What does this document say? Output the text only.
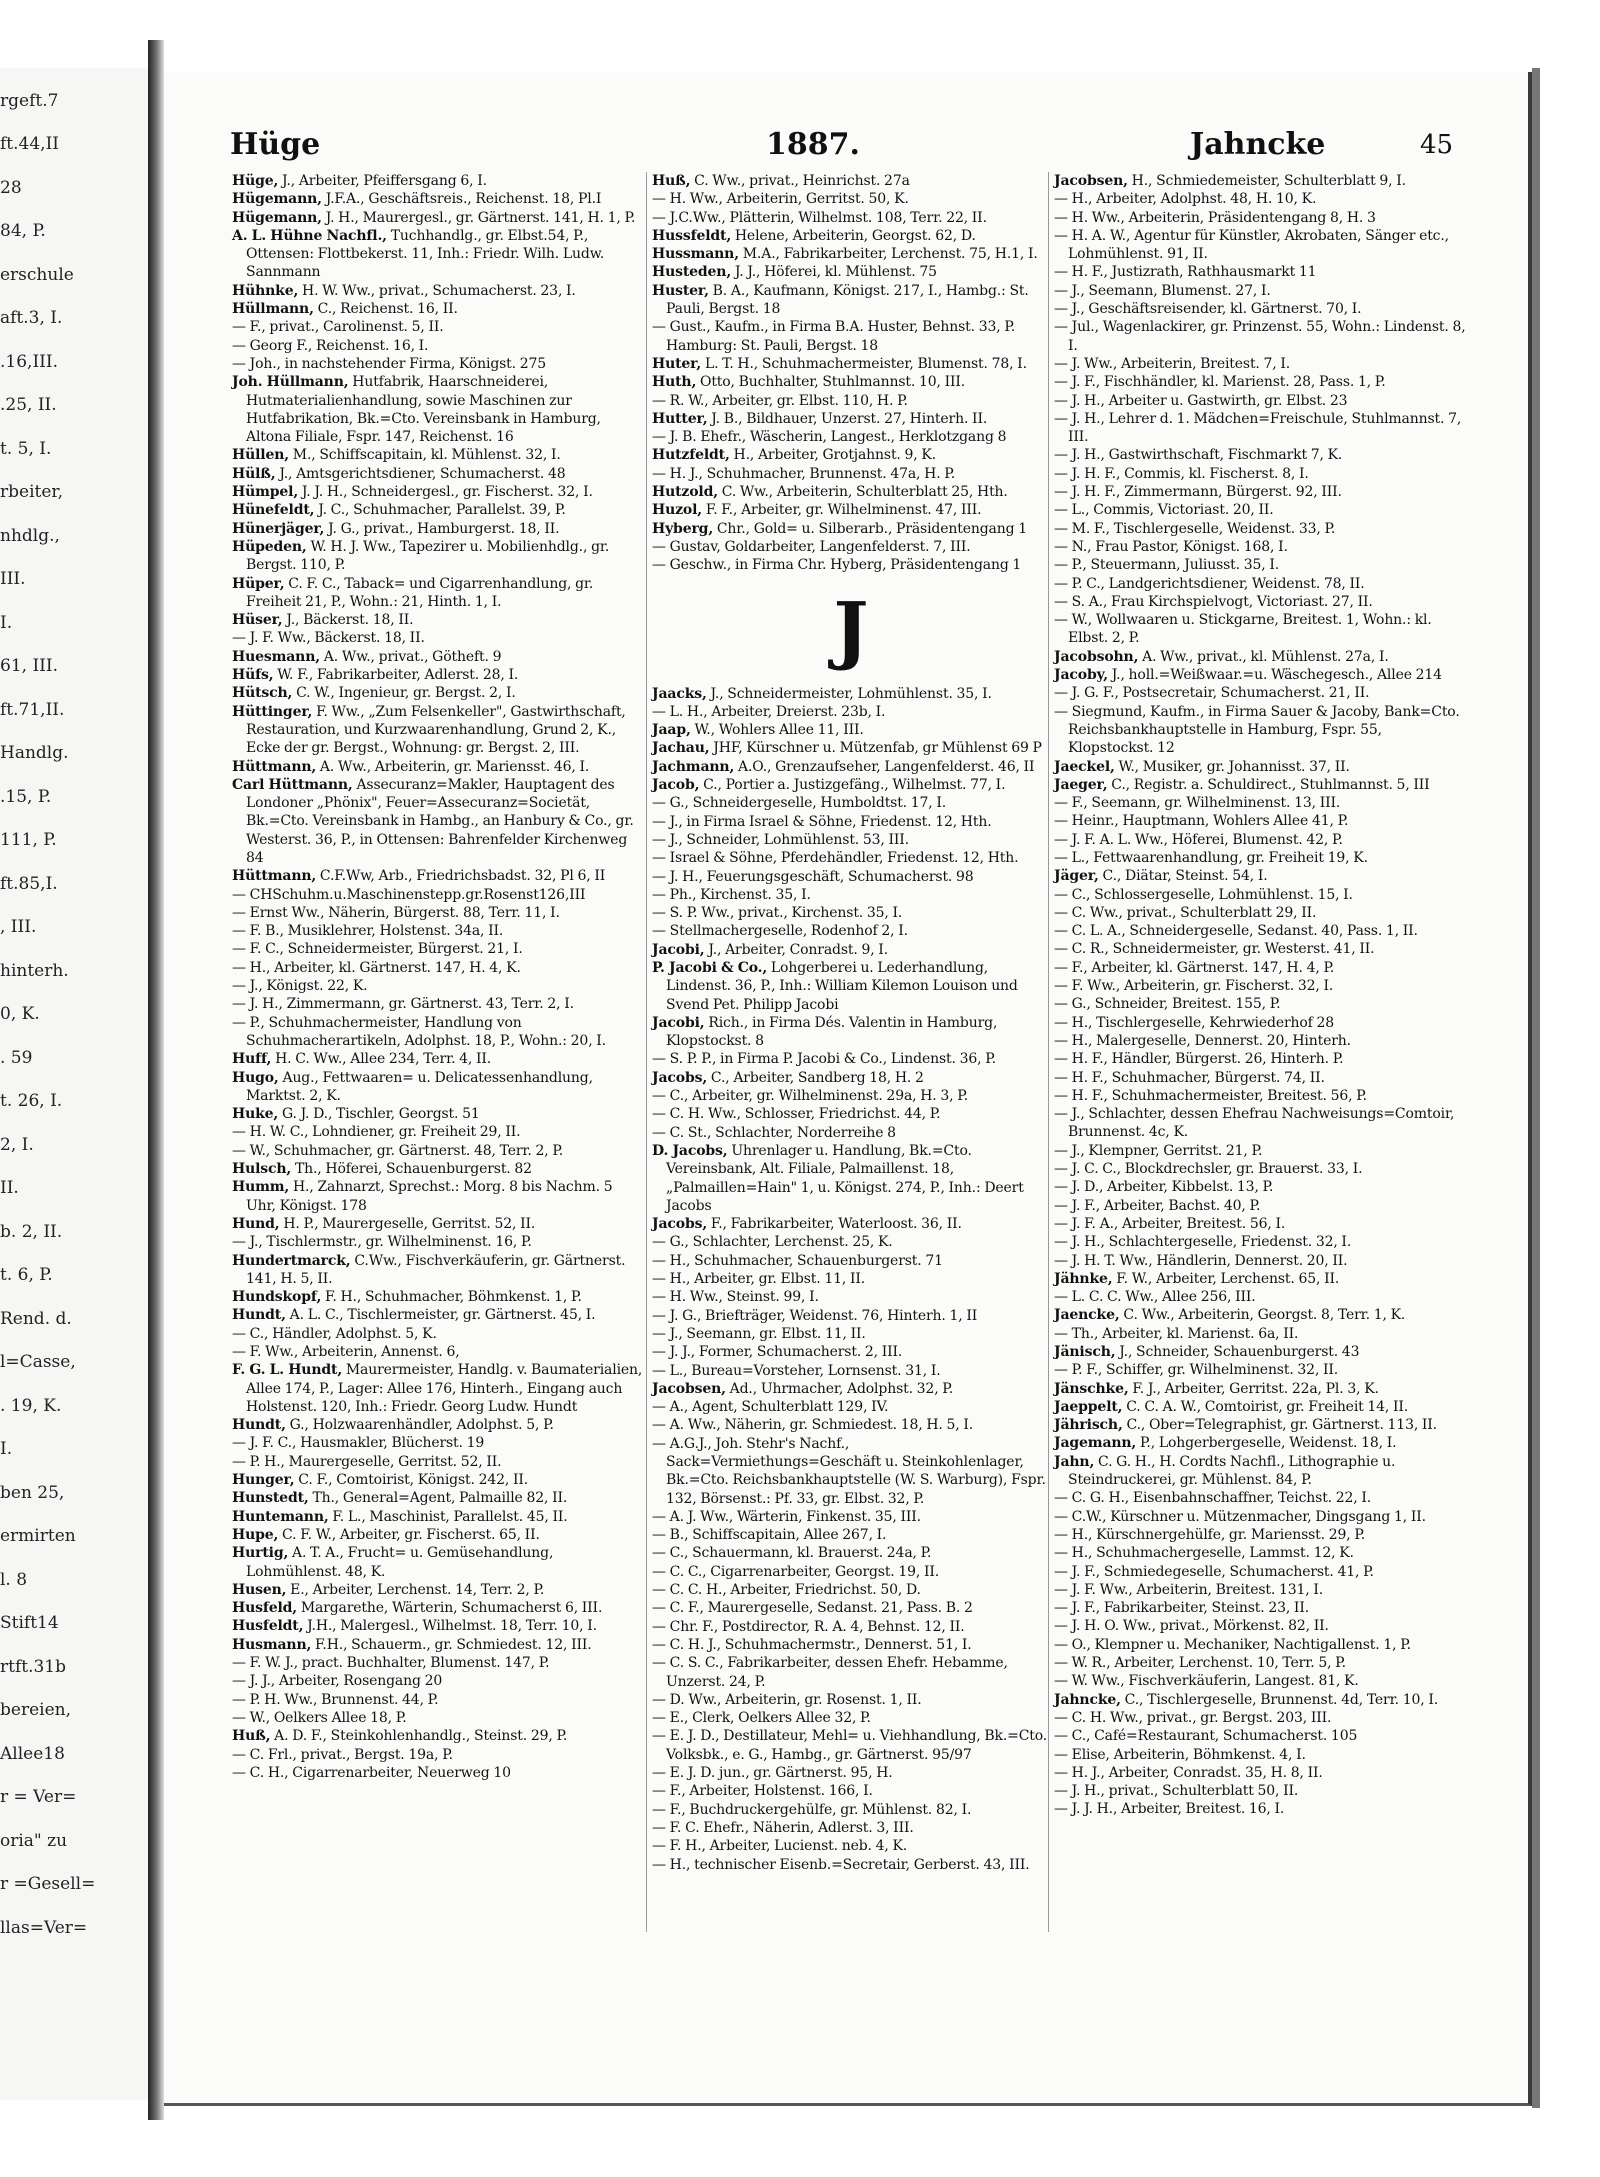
rgeft.7
ft.44,II
28
84, P.
erschule
aft.3, I.
.16,III.
.25, II.
t. 5, I.
rbeiter,
nhdlg.,
III.
I.
61, III.
ft.71,II.
Handlg.
.15, P.
111, P.
ft.85,I.
, III.
hinterh.
0, K.
. 59
t. 26, I.
2, I.
II.
b. 2, II.
t. 6, P.
Rend. d.
l=Casse,
. 19, K.
I.
ben 25,
ermirten
l. 8
Stift14
rtft.31b
bereien,
Allee18
r = Ver=
oria" zu
r =Gesell=
llas=Ver=
Hüge	1887.	Jahncke	45
Hüge, J., Arbeiter, Pfeiffersgang 6, I.
Hügemann, J.F.A., Geschäftsreis., Reichenst. 18, Pl.I
Hügemann, J. H., Maurergesl., gr. Gärtnerst. 141, H. 1, P.
A. L. Hühne Nachfl., Tuchhandlg., gr. Elbst.54, P., Ottensen: Flottbekerst. 11, Inh.: Friedr. Wilh. Ludw. Sannmann
Hühnke, H. W. Ww., privat., Schumacherst. 23, I.
Hüllmann, C., Reichenst. 16, II.
— F., privat., Carolinenst. 5, II.
— Georg F., Reichenst. 16, I.
— Joh., in nachstehender Firma, Königst. 275
Joh. Hüllmann, Hutfabrik, Haarschneiderei, Hutmaterialienhandlung, sowie Maschinen zur Hutfabrikation, Bk.=Cto. Vereinsbank in Hamburg, Altona Filiale, Fspr. 147, Reichenst. 16
Hüllen, M., Schiffscapitain, kl. Mühlenst. 32, I.
Hülß, J., Amtsgerichtsdiener, Schumacherst. 48
Hümpel, J. J. H., Schneidergesl., gr. Fischerst. 32, I.
Hünefeldt, J. C., Schuhmacher, Parallelst. 39, P.
Hünerjäger, J. G., privat., Hamburgerst. 18, II.
Hüpeden, W. H. J. Ww., Tapezirer u. Mobilienhdlg., gr. Bergst. 110, P.
Hüper, C. F. C., Taback= und Cigarrenhandlung, gr. Freiheit 21, P., Wohn.: 21, Hinth. 1, I.
Hüser, J., Bäckerst. 18, II.
— J. F. Ww., Bäckerst. 18, II.
Huesmann, A. Ww., privat., Götheft. 9
Hüfs, W. F., Fabrikarbeiter, Adlerst. 28, I.
Hütsch, C. W., Ingenieur, gr. Bergst. 2, I.
Hüttinger, F. Ww., „Zum Felsenkeller", Gastwirthschaft, Restauration, und Kurzwaarenhandlung, Grund 2, K., Ecke der gr. Bergst., Wohnung: gr. Bergst. 2, III.
Hüttmann, A. Ww., Arbeiterin, gr. Mariensst. 46, I.
Carl Hüttmann, Assecuranz=Makler, Hauptagent des Londoner „Phönix", Feuer=Assecuranz=Societät, Bk.=Cto. Vereinsbank in Hambg., an Hanbury & Co., gr. Westerst. 36, P., in Ottensen: Bahrenfelder Kirchenweg 84
Hüttmann, C.F.Ww, Arb., Friedrichsbadst. 32, Pl 6, II
— CHSchuhm.u.Maschinenstepp.gr.Rosenst126,III
— Ernst Ww., Näherin, Bürgerst. 88, Terr. 11, I.
— F. B., Musiklehrer, Holstenst. 34a, II.
— F. C., Schneidermeister, Bürgerst. 21, I.
— H., Arbeiter, kl. Gärtnerst. 147, H. 4, K.
— J., Königst. 22, K.
— J. H., Zimmermann, gr. Gärtnerst. 43, Terr. 2, I.
— P., Schuhmachermeister, Handlung von Schuhmacherartikeln, Adolphst. 18, P., Wohn.: 20, I.
Huff, H. C. Ww., Allee 234, Terr. 4, II.
Hugo, Aug., Fettwaaren= u. Delicatessenhandlung, Marktst. 2, K.
Huke, G. J. D., Tischler, Georgst. 51
— H. W. C., Lohndiener, gr. Freiheit 29, II.
— W., Schuhmacher, gr. Gärtnerst. 48, Terr. 2, P.
Hulsch, Th., Höferei, Schauenburgerst. 82
Humm, H., Zahnarzt, Sprechst.: Morg. 8 bis Nachm. 5 Uhr, Königst. 178
Hund, H. P., Maurergeselle, Gerritst. 52, II.
— J., Tischlermstr., gr. Wilhelminenst. 16, P.
Hundertmarck, C.Ww., Fischverkäuferin, gr. Gärtnerst. 141, H. 5, II.
Hundskopf, F. H., Schuhmacher, Böhmkenst. 1, P.
Hundt, A. L. C., Tischlermeister, gr. Gärtnerst. 45, I.
— C., Händler, Adolphst. 5, K.
— F. Ww., Arbeiterin, Annenst. 6,
F. G. L. Hundt, Maurermeister, Handlg. v. Baumaterialien, Allee 174, P., Lager: Allee 176, Hinterh., Eingang auch Holstenst. 120, Inh.: Friedr. Georg Ludw. Hundt
Hundt, G., Holzwaarenhändler, Adolphst. 5, P.
— J. F. C., Hausmakler, Blücherst. 19
— P. H., Maurergeselle, Gerritst. 52, II.
Hunger, C. F., Comtoirist, Königst. 242, II.
Hunstedt, Th., General=Agent, Palmaille 82, II.
Huntemann, F. L., Maschinist, Parallelst. 45, II.
Hupe, C. F. W., Arbeiter, gr. Fischerst. 65, II.
Hurtig, A. T. A., Frucht= u. Gemüsehandlung, Lohmühlenst. 48, K.
Husen, E., Arbeiter, Lerchenst. 14, Terr. 2, P.
Husfeld, Margarethe, Wärterin, Schumacherst 6, III.
Husfeldt, J.H., Malergesl., Wilhelmst. 18, Terr. 10, I.
Husmann, F.H., Schauerm., gr. Schmiedest. 12, III.
— F. W. J., pract. Buchhalter, Blumenst. 147, P.
— J. J., Arbeiter, Rosengang 20
— P. H. Ww., Brunnenst. 44, P.
— W., Oelkers Allee 18, P.
Huß, A. D. F., Steinkohlenhandlg., Steinst. 29, P.
— C. Frl., privat., Bergst. 19a, P.
— C. H., Cigarrenarbeiter, Neuerweg 10
Huß, C. Ww., privat., Heinrichst. 27a
— H. Ww., Arbeiterin, Gerritst. 50, K.
— J.C.Ww., Plätterin, Wilhelmst. 108, Terr. 22, II.
Hussfeldt, Helene, Arbeiterin, Georgst. 62, D.
Hussmann, M.A., Fabrikarbeiter, Lerchenst. 75, H.1, I.
Husteden, J. J., Höferei, kl. Mühlenst. 75
Huster, B. A., Kaufmann, Königst. 217, I., Hambg.: St. Pauli, Bergst. 18
— Gust., Kaufm., in Firma B.A. Huster, Behnst. 33, P. Hamburg: St. Pauli, Bergst. 18
Huter, L. T. H., Schuhmachermeister, Blumenst. 78, I.
Huth, Otto, Buchhalter, Stuhlmannst. 10, III.
— R. W., Arbeiter, gr. Elbst. 110, H. P.
Hutter, J. B., Bildhauer, Unzerst. 27, Hinterh. II.
— J. B. Ehefr., Wäscherin, Langest., Herklotzgang 8
Hutzfeldt, H., Arbeiter, Grotjahnst. 9, K.
— H. J., Schuhmacher, Brunnenst. 47a, H. P.
Hutzold, C. Ww., Arbeiterin, Schulterblatt 25, Hth.
Huzol, F. F., Arbeiter, gr. Wilhelminenst. 47, III.
Hyberg, Chr., Gold= u. Silberarb., Präsidentengang 1
— Gustav, Goldarbeiter, Langenfelderst. 7, III.
— Geschw., in Firma Chr. Hyberg, Präsidentengang 1
J
Jaacks, J., Schneidermeister, Lohmühlenst. 35, I.
— L. H., Arbeiter, Dreierst. 23b, I.
Jaap, W., Wohlers Allee 11, III.
Jachau, JHF, Kürschner u. Mützenfab, gr Mühlenst 69 P
Jachmann, A.O., Grenzaufseher, Langenfelderst. 46, II
Jacob, C., Portier a. Justizgefäng., Wilhelmst. 77, I.
— G., Schneidergeselle, Humboldtst. 17, I.
— J., in Firma Israel & Söhne, Friedenst. 12, Hth.
— J., Schneider, Lohmühlenst. 53, III.
— Israel & Söhne, Pferdehändler, Friedenst. 12, Hth.
— J. H., Feuerungsgeschäft, Schumacherst. 98
— Ph., Kirchenst. 35, I.
— S. P. Ww., privat., Kirchenst. 35, I.
— Stellmachergeselle, Rodenhof 2, I.
Jacobi, J., Arbeiter, Conradst. 9, I.
P. Jacobi & Co., Lohgerberei u. Lederhandlung, Lindenst. 36, P., Inh.: William Kilemon Louison und Svend Pet. Philipp Jacobi
Jacobi, Rich., in Firma Dés. Valentin in Hamburg, Klopstockst. 8
— S. P. P., in Firma P. Jacobi & Co., Lindenst. 36, P.
Jacobs, C., Arbeiter, Sandberg 18, H. 2
— C., Arbeiter, gr. Wilhelminenst. 29a, H. 3, P.
— C. H. Ww., Schlosser, Friedrichst. 44, P.
— C. St., Schlachter, Norderreihe 8
D. Jacobs, Uhrenlager u. Handlung, Bk.=Cto. Vereinsbank, Alt. Filiale, Palmaillenst. 18, „Palmaillen=Hain" 1, u. Königst. 274, P., Inh.: Deert Jacobs
Jacobs, F., Fabrikarbeiter, Waterloost. 36, II.
— G., Schlachter, Lerchenst. 25, K.
— H., Schuhmacher, Schauenburgerst. 71
— H., Arbeiter, gr. Elbst. 11, II.
— H. Ww., Steinst. 99, I.
— J. G., Briefträger, Weidenst. 76, Hinterh. 1, II
— J., Seemann, gr. Elbst. 11, II.
— J. J., Former, Schumacherst. 2, III.
— L., Bureau=Vorsteher, Lornsenst. 31, I.
Jacobsen, Ad., Uhrmacher, Adolphst. 32, P.
— A., Agent, Schulterblatt 129, IV.
— A. Ww., Näherin, gr. Schmiedest. 18, H. 5, I.
— A.G.J., Joh. Stehr's Nachf., Sack=Vermiethungs=Geschäft u. Steinkohlenlager, Bk.=Cto. Reichsbankhauptstelle (W. S. Warburg), Fspr. 132, Börsenst.: Pf. 33, gr. Elbst. 32, P.
— A. J. Ww., Wärterin, Finkenst. 35, III.
— B., Schiffscapitain, Allee 267, I.
— C., Schauermann, kl. Brauerst. 24a, P.
— C. C., Cigarrenarbeiter, Georgst. 19, II.
— C. C. H., Arbeiter, Friedrichst. 50, D.
— C. F., Maurergeselle, Sedanst. 21, Pass. B. 2
— Chr. F., Postdirector, R. A. 4, Behnst. 12, II.
— C. H. J., Schuhmachermstr., Dennerst. 51, I.
— C. S. C., Fabrikarbeiter, dessen Ehefr. Hebamme, Unzerst. 24, P.
— D. Ww., Arbeiterin, gr. Rosenst. 1, II.
— E., Clerk, Oelkers Allee 32, P.
— E. J. D., Destillateur, Mehl= u. Viehhandlung, Bk.=Cto. Volksbk., e. G., Hambg., gr. Gärtnerst. 95/97
— E. J. D. jun., gr. Gärtnerst. 95, H.
— F., Arbeiter, Holstenst. 166, I.
— F., Buchdruckergehülfe, gr. Mühlenst. 82, I.
— F. C. Ehefr., Näherin, Adlerst. 3, III.
— F. H., Arbeiter, Lucienst. neb. 4, K.
— H., technischer Eisenb.=Secretair, Gerberst. 43, III.
Jacobsen, H., Schmiedemeister, Schulterblatt 9, I.
— H., Arbeiter, Adolphst. 48, H. 10, K.
— H. Ww., Arbeiterin, Präsidentengang 8, H. 3
— H. A. W., Agentur für Künstler, Akrobaten, Sänger etc., Lohmühlenst. 91, II.
— H. F., Justizrath, Rathhausmarkt 11
— J., Seemann, Blumenst. 27, I.
— J., Geschäftsreisender, kl. Gärtnerst. 70, I.
— Jul., Wagenlackirer, gr. Prinzenst. 55, Wohn.: Lindenst. 8, I.
— J. Ww., Arbeiterin, Breitest. 7, I.
— J. F., Fischhändler, kl. Marienst. 28, Pass. 1, P.
— J. H., Arbeiter u. Gastwirth, gr. Elbst. 23
— J. H., Lehrer d. 1. Mädchen=Freischule, Stuhlmannst. 7, III.
— J. H., Gastwirthschaft, Fischmarkt 7, K.
— J. H. F., Commis, kl. Fischerst. 8, I.
— J. H. F., Zimmermann, Bürgerst. 92, III.
— L., Commis, Victoriast. 20, II.
— M. F., Tischlergeselle, Weidenst. 33, P.
— N., Frau Pastor, Königst. 168, I.
— P., Steuermann, Juliusst. 35, I.
— P. C., Landgerichtsdiener, Weidenst. 78, II.
— S. A., Frau Kirchspielvogt, Victoriast. 27, II.
— W., Wollwaaren u. Stickgarne, Breitest. 1, Wohn.: kl. Elbst. 2, P.
Jacobsohn, A. Ww., privat., kl. Mühlenst. 27a, I.
Jacoby, J., holl.=Weißwaar.=u. Wäschegesch., Allee 214
— J. G. F., Postsecretair, Schumacherst. 21, II.
— Siegmund, Kaufm., in Firma Sauer & Jacoby, Bank=Cto. Reichsbankhauptstelle in Hamburg, Fspr. 55, Klopstockst. 12
Jaeckel, W., Musiker, gr. Johannisst. 37, II.
Jaeger, C., Registr. a. Schuldirect., Stuhlmannst. 5, III
— F., Seemann, gr. Wilhelminenst. 13, III.
— Heinr., Hauptmann, Wohlers Allee 41, P.
— J. F. A. L. Ww., Höferei, Blumenst. 42, P.
— L., Fettwaarenhandlung, gr. Freiheit 19, K.
Jäger, C., Diätar, Steinst. 54, I.
— C., Schlossergeselle, Lohmühlenst. 15, I.
— C. Ww., privat., Schulterblatt 29, II.
— C. L. A., Schneidergeselle, Sedanst. 40, Pass. 1, II.
— C. R., Schneidermeister, gr. Westerst. 41, II.
— F., Arbeiter, kl. Gärtnerst. 147, H. 4, P.
— F. Ww., Arbeiterin, gr. Fischerst. 32, I.
— G., Schneider, Breitest. 155, P.
— H., Tischlergeselle, Kehrwiederhof 28
— H., Malergeselle, Dennerst. 20, Hinterh.
— H. F., Händler, Bürgerst. 26, Hinterh. P.
— H. F., Schuhmacher, Bürgerst. 74, II.
— H. F., Schuhmachermeister, Breitest. 56, P.
— J., Schlachter, dessen Ehefrau Nachweisungs=Comtoir, Brunnenst. 4c, K.
— J., Klempner, Gerritst. 21, P.
— J. C. C., Blockdrechsler, gr. Brauerst. 33, I.
— J. D., Arbeiter, Kibbelst. 13, P.
— J. F., Arbeiter, Bachst. 40, P.
— J. F. A., Arbeiter, Breitest. 56, I.
— J. H., Schlachtergeselle, Friedenst. 32, I.
— J. H. T. Ww., Händlerin, Dennerst. 20, II.
Jähnke, F. W., Arbeiter, Lerchenst. 65, II.
— L. C. C. Ww., Allee 256, III.
Jaencke, C. Ww., Arbeiterin, Georgst. 8, Terr. 1, K.
— Th., Arbeiter, kl. Marienst. 6a, II.
Jänisch, J., Schneider, Schauenburgerst. 43
— P. F., Schiffer, gr. Wilhelminenst. 32, II.
Jänschke, F. J., Arbeiter, Gerritst. 22a, Pl. 3, K.
Jaeppelt, C. C. A. W., Comtoirist, gr. Freiheit 14, II.
Jährisch, C., Ober=Telegraphist, gr. Gärtnerst. 113, II.
Jagemann, P., Lohgerbergeselle, Weidenst. 18, I.
Jahn, C. G. H., H. Cordts Nachfl., Lithographie u. Steindruckerei, gr. Mühlenst. 84, P.
— C. G. H., Eisenbahnschaffner, Teichst. 22, I.
— C.W., Kürschner u. Mützenmacher, Dingsgang 1, II.
— H., Kürschnergehülfe, gr. Mariensst. 29, P.
— H., Schuhmachergeselle, Lammst. 12, K.
— J. F., Schmiedegeselle, Schumacherst. 41, P.
— J. F. Ww., Arbeiterin, Breitest. 131, I.
— J. F., Fabrikarbeiter, Steinst. 23, II.
— J. H. O. Ww., privat., Mörkenst. 82, II.
— O., Klempner u. Mechaniker, Nachtigallenst. 1, P.
— W. R., Arbeiter, Lerchenst. 10, Terr. 5, P.
— W. Ww., Fischverkäuferin, Langest. 81, K.
Jahncke, C., Tischlergeselle, Brunnenst. 4d, Terr. 10, I.
— C. H. Ww., privat., gr. Bergst. 203, III.
— C., Café=Restaurant, Schumacherst. 105
— Elise, Arbeiterin, Böhmkenst. 4, I.
— H. J., Arbeiter, Conradst. 35, H. 8, II.
— J. H., privat., Schulterblatt 50, II.
— J. J. H., Arbeiter, Breitest. 16, I.
